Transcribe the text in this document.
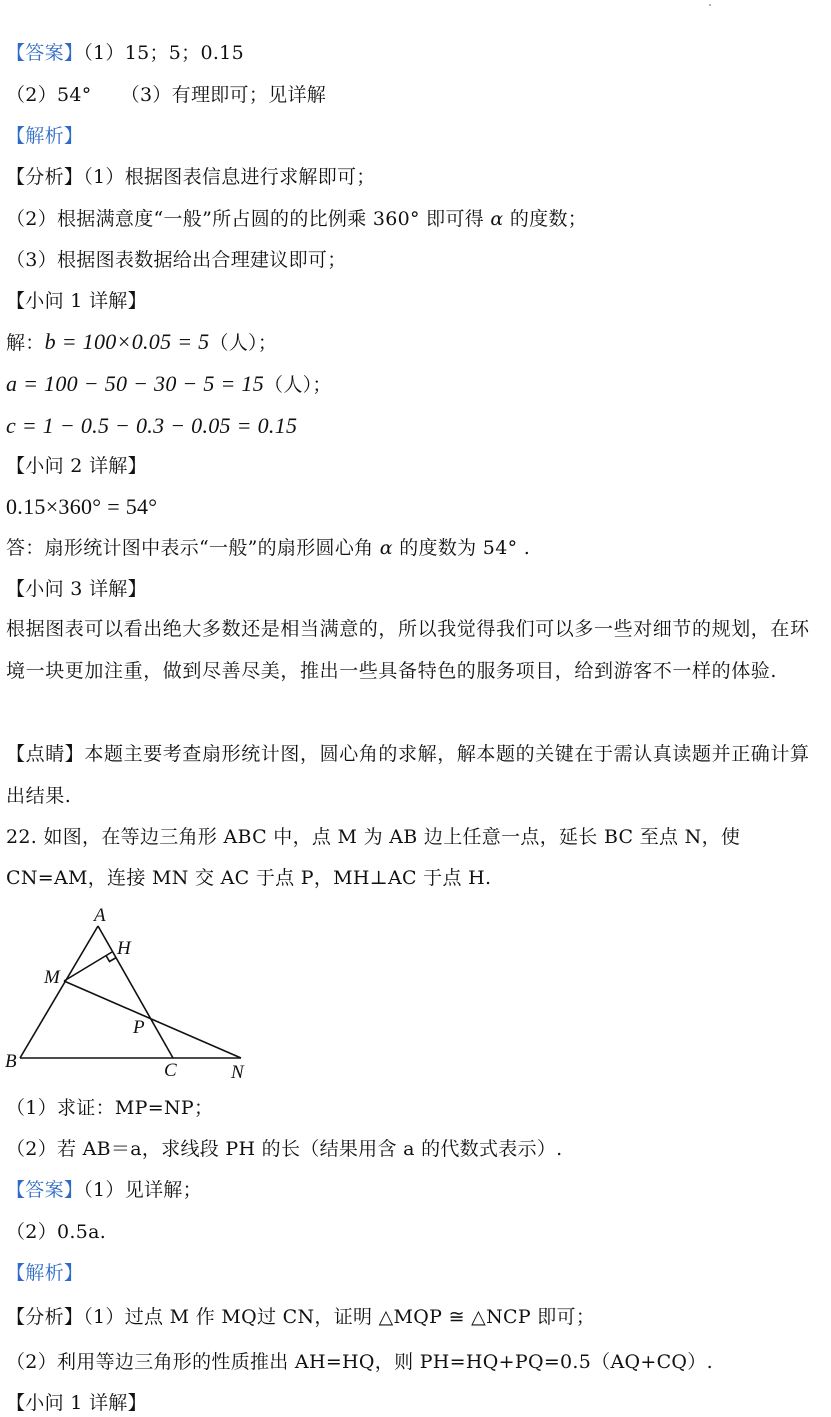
【答案】（1）15；5；0.15
（2）54°　　（3）有理即可；见详解
【解析】
【分析】（1）根据图表信息进行求解即可；
（2）根据满意度“一般”所占圆的的比例乘 360° 即可得 α 的度数；
（3）根据图表数据给出合理建议即可；
【小问 1 详解】
解：b = 100×0.05 = 5（人）；
a = 100 − 50 − 30 − 5 = 15（人）；
c = 1 − 0.5 − 0.3 − 0.05 = 0.15
【小问 2 详解】
0.15×360° = 54°
答：扇形统计图中表示“一般”的扇形圆心角 α 的度数为 54° .
【小问 3 详解】
根据图表可以看出绝大多数还是相当满意的，所以我觉得我们可以多一些对细节的规划，在环境一块更加注重，做到尽善尽美，推出一些具备特色的服务项目，给到游客不一样的体验.
【点睛】本题主要考查扇形统计图，圆心角的求解，解本题的关键在于需认真读题并正确计算出结果.
22. 如图，在等边三角形 ABC 中，点 M 为 AB 边上任意一点，延长 BC 至点 N，使
CN=AM，连接 MN 交 AC 于点 P，MH⊥AC 于点 H.
A
H
M
P
B	C	N
（1）求证：MP=NP；
（2）若 AB＝a，求线段 PH 的长（结果用含 a 的代数式表示）.
【答案】（1）见详解；
（2）0.5a.
【解析】
【分析】（1）过点 M 作 MQ过 CN，证明 △MQP ≅ △NCP 即可；
（2）利用等边三角形的性质推出 AH=HQ，则 PH=HQ+PQ=0.5（AQ+CQ）.
【小问 1 详解】
